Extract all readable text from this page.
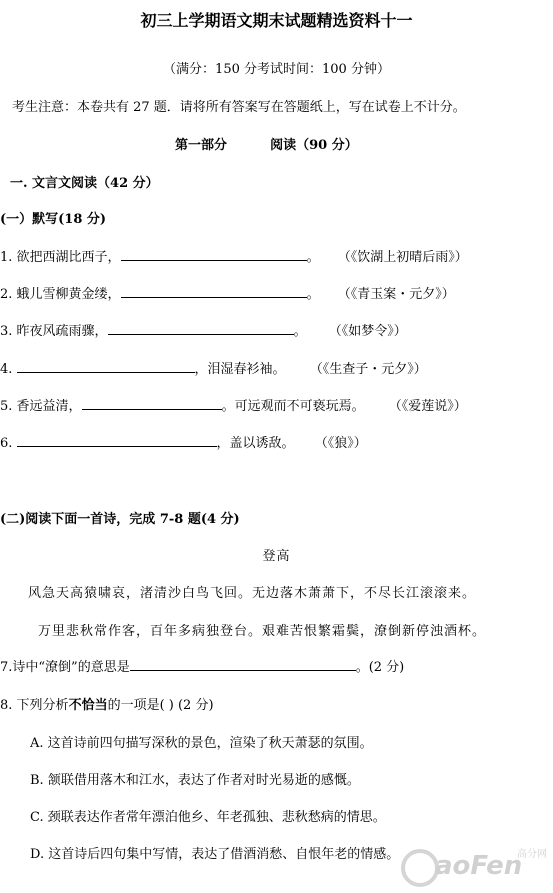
初三上学期语文期末试题精选资料十一
（满分：150 分考试时间：100 分钟）
考生注意：本卷共有 27 题．请将所有答案写在答题纸上，写在试卷上不计分。
第一部分	阅读（90 分）
一. 文言文阅读（42 分）
(一）默写(18 分)
1. 欲把西湖比西子，	。 （《饮湖上初晴后雨》）
2. 蛾儿雪柳黄金缕，	。 （《青玉案・元夕》）
3. 昨夜风疏雨骤，	。 （《如梦令》）
4.	，泪湿春衫袖。 （《生查子・元夕》）
5. 香远益清，	。可远观而不可亵玩焉。 （《爱莲说》）
6.	，盖以诱敌。 （《狼》）
(二)阅读下面一首诗，完成 7-8 题(4 分)
登高
风急天高猿啸哀，渚清沙白鸟飞回。无边落木萧萧下，不尽长江滚滚来。
万里悲秋常作客，百年多病独登台。艰难苦恨繁霜鬓，潦倒新停浊酒杯。
7.诗中“潦倒”的意思是	。(2 分)
8. 下列分析不恰当的一项是( ) (2 分)
A. 这首诗前四句描写深秋的景色，渲染了秋天萧瑟的氛围。
B. 颔联借用落木和江水，表达了作者对时光易逝的感慨。
C. 颈联表达作者常年漂泊他乡、年老孤独、悲秋愁病的情思。
D. 这首诗后四句集中写情，表达了借酒消愁、自恨年老的情感。 aoFen
高分网
